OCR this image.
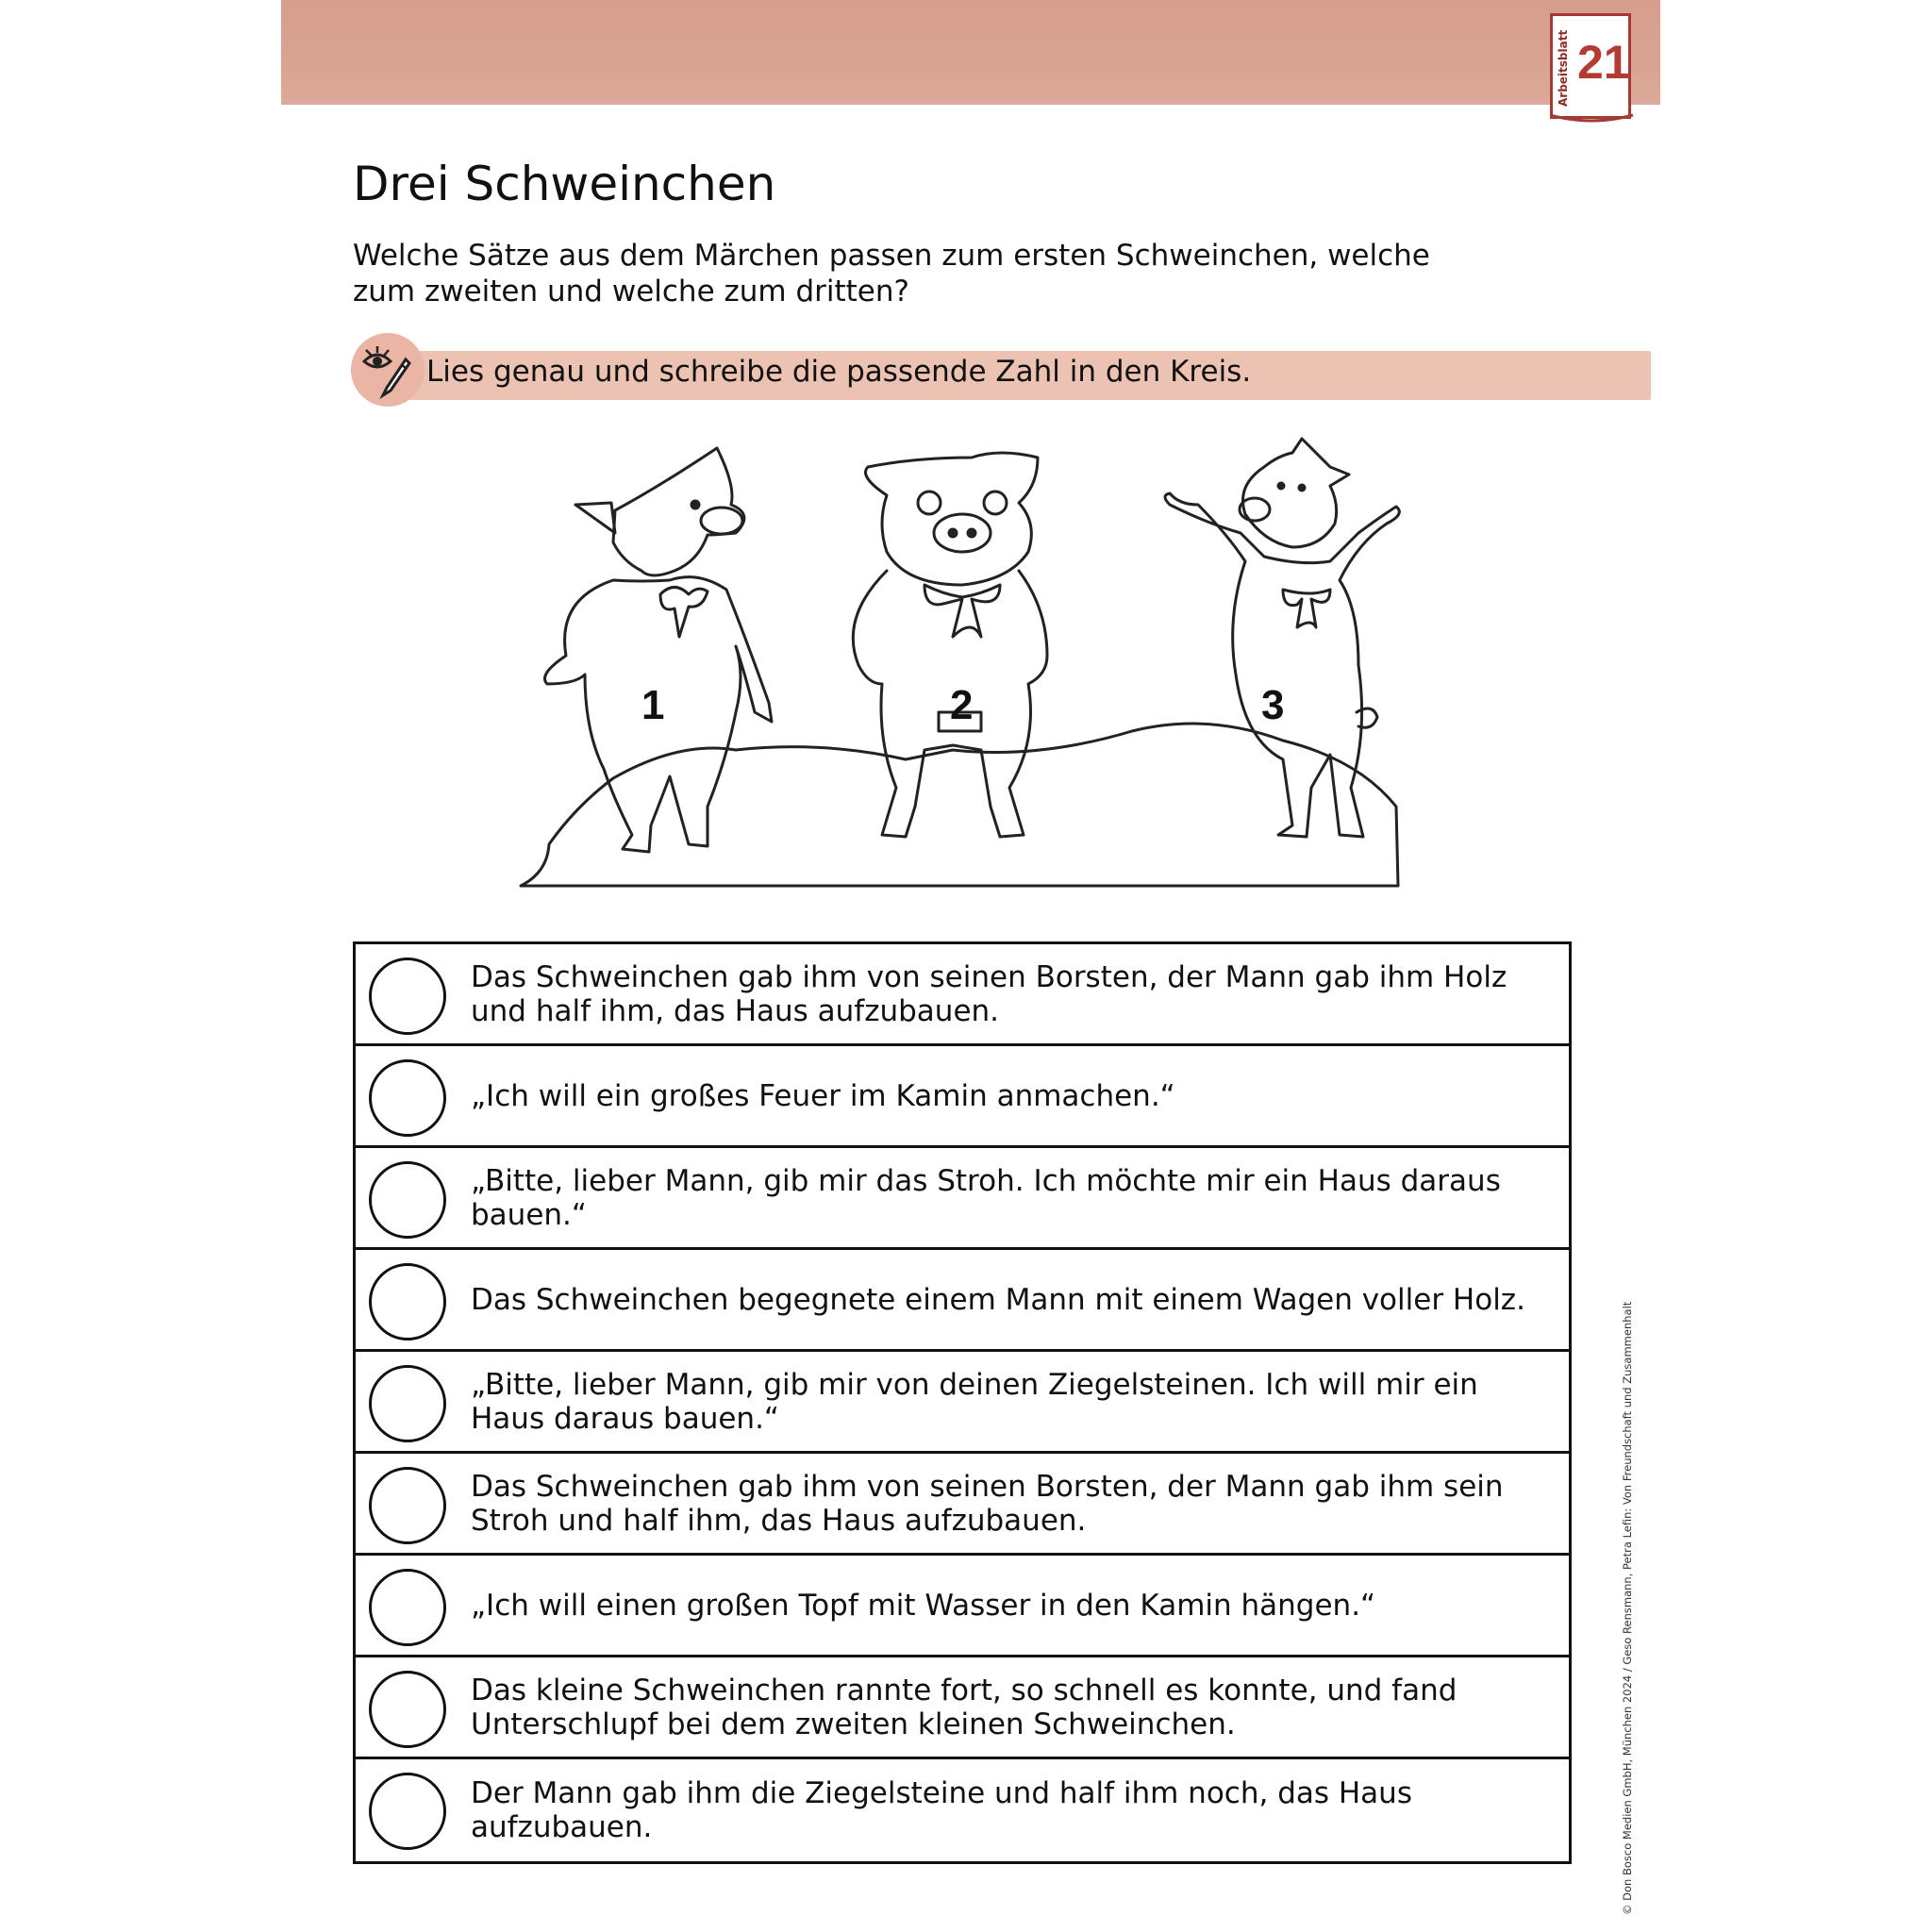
Arbeitsblatt 21
Drei Schweinchen

Welche Sätze aus dem Märchen passen zum ersten Schweinchen, welche zum zweiten und welche zum dritten?

Lies genau und schreibe die passende Zahl in den Kreis.
1	2	3
Das Schweinchen gab ihm von seinen Borsten, der Mann gab ihm Holz und half ihm, das Haus aufzubauen.
„Ich will ein großes Feuer im Kamin anmachen.“
„Bitte, lieber Mann, gib mir das Stroh. Ich möchte mir ein Haus daraus bauen.“
Das Schweinchen begegnete einem Mann mit einem Wagen voller Holz.
„Bitte, lieber Mann, gib mir von deinen Ziegelsteinen. Ich will mir ein Haus daraus bauen.“
Das Schweinchen gab ihm von seinen Borsten, der Mann gab ihm sein Stroh und half ihm, das Haus aufzubauen.
„Ich will einen großen Topf mit Wasser in den Kamin hängen.“
Das kleine Schweinchen rannte fort, so schnell es konnte, und fand Unterschlupf bei dem zweiten kleinen Schweinchen.
Der Mann gab ihm die Ziegelsteine und half ihm noch, das Haus aufzubauen.	© Don Bosco Medien GmbH, München 2024 / Geso Rensmann, Petra Lefin: Von Freundschaft und Zusammenhalt
